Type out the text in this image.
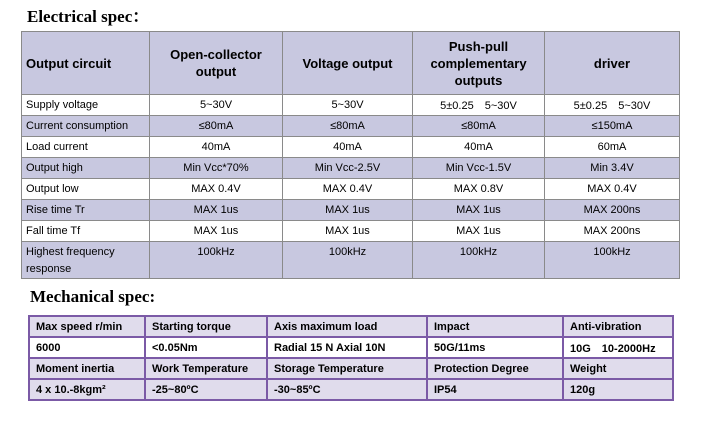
Electrical spec：
Output circuit	Open-collector output	Voltage output	Push-pull complementary outputs	driver
Supply voltage	5~30V	5~30V	5±0.25　5~30V	5±0.25　5~30V
Current consumption	≤80mA	≤80mA	≤80mA	≤150mA
Load current	40mA	40mA	40mA	60mA
Output high	Min Vcc*70%	Min Vcc-2.5V	Min Vcc-1.5V	Min 3.4V
Output low	MAX 0.4V	MAX 0.4V	MAX 0.8V	MAX 0.4V
Rise time Tr	MAX 1us	MAX 1us	MAX 1us	MAX 200ns
Fall time Tf	MAX 1us	MAX 1us	MAX 1us	MAX 200ns
Highest frequency response	100kHz	100kHz	100kHz	100kHz
Mechanical spec:
Max speed r/min	Starting torque	Axis maximum load	Impact	Anti-vibration
6000	<0.05Nm	Radial 15 N Axial 10N	50G/11ms	10G　10-2000Hz
Moment inertia	Work Temperature	Storage Temperature	Protection Degree	Weight
4 x 10.-8kgm²	-25~80ºC	-30~85ºC	IP54	120g
